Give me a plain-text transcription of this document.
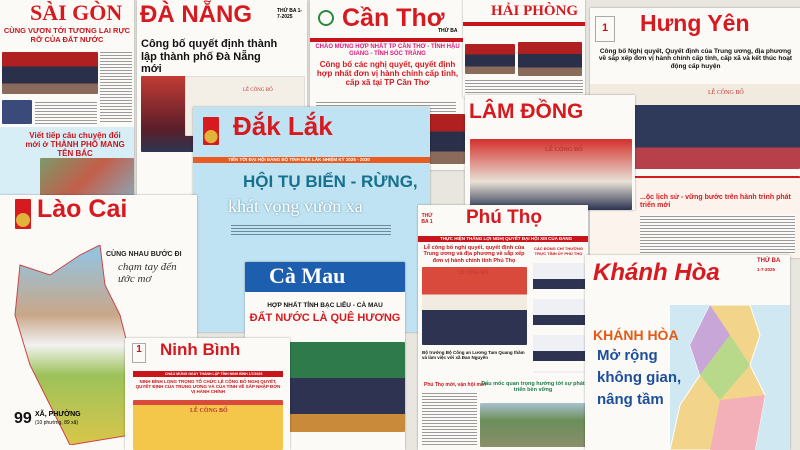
SÀI GÒN
CÙNG VƯƠN TỚI TƯƠNG LAI RỰC RỠ CỦA ĐẤT NƯỚC
Viết tiếp câu chuyện đổi mới ở THÀNH PHỐ MANG TÊN BÁC
ĐÀ NẴNG	THỨ BA 1-7-2025
Công bố quyết định thành lập thành phố Đà Nẵng mới
LỄ CÔNG BỐ
Cần Thơ
THỨ BA
CHÀO MỪNG HỢP NHẤT TP CẦN THƠ - TỈNH HẬU GIANG - TỈNH SÓC TRĂNG
Công bố các nghị quyết, quyết định hợp nhất đơn vị hành chính cấp tỉnh, cấp xã tại TP Cần Thơ
HẢI PHÒNG
1	Hưng Yên
Công bố Nghị quyết, Quyết định của Trung ương, địa phương về sắp xếp đơn vị hành chính cấp tỉnh, cấp xã và kết thúc hoạt động cấp huyện
LỄ CÔNG BỐ
...ộc lịch sử - vững bước trên hành trình phát triển mới
LÂM ĐỒNG
LỄ CÔNG BỐ
Đắk Lắk
TIẾN TỚI ĐẠI HỘI ĐẢNG BỘ TỈNH ĐẮK LẮK NHIỆM KỲ 2025 - 2030
HỘI TỤ BIỂN - RỪNG,
khát vọng vươn xa
Lào Cai
CÙNG NHAU BƯỚC ĐI
chạm tay đến ước mơ
99 XÃ, PHƯỜNG
(10 phường, 89 xã)
THỨ BA 1 Phú Thọ
THỰC HIỆN THẮNG LỢI NGHỊ QUYẾT ĐẠI HỘI XIII CỦA ĐẢNG
Lễ công bố nghị quyết, quyết định của Trung ương và địa phương về sắp xếp đơn vị hành chính tỉnh Phú Thọ
LỄ CÔNG BỐ
CÁC ĐỒNG CHÍ THƯỜNG TRỰC TỈNH ỦY PHÚ THỌ
Bộ trưởng Bộ Công an Lương Tam Quang thăm và làm việc với xã Đan Nguyên
Phú Thọ mới, vận hội mới
Dấu mốc quan trọng hướng tới sự phát triển bền vững
Cà Mau
HỢP NHẤT TỈNH BẠC LIÊU - CÀ MAU
ĐẤT NƯỚC LÀ QUÊ HƯƠNG
1 Ninh Bình
CHÀO MỪNG NGÀY THÀNH LẬP TỈNH NINH BÌNH 1/7/2025
NINH BÌNH LONG TRỌNG TỔ CHỨC LỄ CÔNG BỐ NGHỊ QUYẾT, QUYẾT ĐỊNH CỦA TRUNG ƯƠNG VÀ CỦA TỈNH VỀ SẮP NHẬP ĐƠN VỊ HÀNH CHÍNH
LỄ CÔNG BỐ
Khánh Hòa	THỨ BA
1-7-2025
KHÁNH HÒA
Mở rộng
không gian,
nâng tầm
